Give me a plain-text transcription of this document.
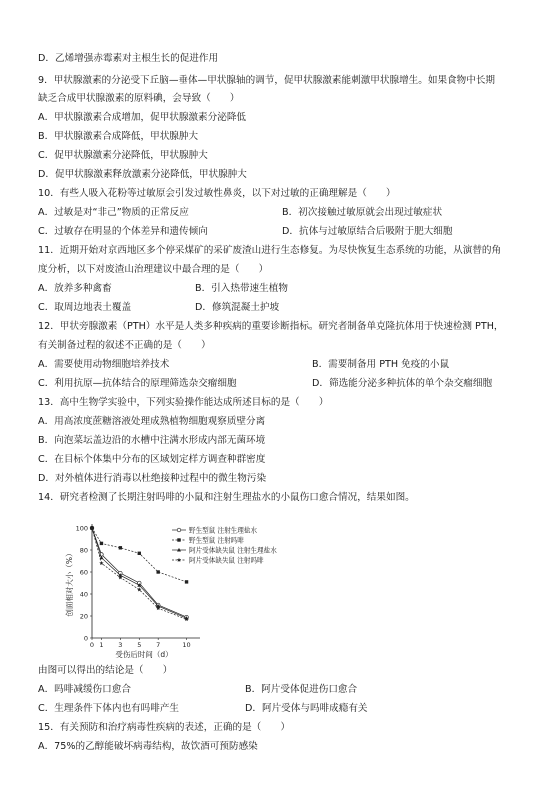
D．乙烯增强赤霉素对主根生长的促进作用
9．甲状腺激素的分泌受下丘脑—垂体—甲状腺轴的调节，促甲状腺激素能刺激甲状腺增生。如果食物中长期
缺乏合成甲状腺激素的原料碘，会导致（　　）
A．甲状腺激素合成增加，促甲状腺激素分泌降低
B．甲状腺激素合成降低，甲状腺肿大
C．促甲状腺激素分泌降低，甲状腺肿大
D．促甲状腺激素释放激素分泌降低，甲状腺肿大
10．有些人吸入花粉等过敏原会引发过敏性鼻炎，以下对过敏的正确理解是（　　）
A．过敏是对“非己”物质的正常反应	B．初次接触过敏原就会出现过敏症状
C．过敏存在明显的个体差异和遗传倾向	D．抗体与过敏原结合后吸附于肥大细胞
11．近期开始对京西地区多个停采煤矿的采矿废渣山进行生态修复。为尽快恢复生态系统的功能，从演替的角
度分析，以下对废渣山治理建议中最合理的是（　　）
A．放养多种禽畜	B．引入热带速生植物
C．取周边地表土覆盖	D．修筑混凝土护坡
12．甲状旁腺激素（PTH）水平是人类多种疾病的重要诊断指标。研究者制备单克隆抗体用于快速检测 PTH，
有关制备过程的叙述不正确的是（　　）
A．需要使用动物细胞培养技术	B．需要制备用 PTH 免疫的小鼠
C．利用抗原—抗体结合的原理筛选杂交瘤细胞	D．筛选能分泌多种抗体的单个杂交瘤细胞
13．高中生物学实验中，下列实验操作能达成所述目标的是（　　）
A．用高浓度蔗糖溶液处理成熟植物细胞观察质壁分离
B．向泡菜坛盖边沿的水槽中注满水形成内部无菌环境
C．在目标个体集中分布的区域划定样方调查种群密度
D．对外植体进行消毒以杜绝接种过程中的微生物污染
14．研究者检测了长期注射吗啡的小鼠和注射生理盐水的小鼠伤口愈合情况，结果如图。
0
20
40
60
80
100
0 1 3 5 7	10
野生型鼠 注射生理盐水
野生型鼠 注射吗啡
阿片受体缺失鼠 注射生理盐水
阿片受体缺失鼠 注射吗啡
创面相对大小（%）
受伤后时间（d）
由图可以得出的结论是（　　）
A．吗啡减缓伤口愈合	B．阿片受体促进伤口愈合
C．生理条件下体内也有吗啡产生	D．阿片受体与吗啡成瘾有关
15．有关预防和治疗病毒性疾病的表述，正确的是（　　）
A．75%的乙醇能破坏病毒结构，故饮酒可预防感染
